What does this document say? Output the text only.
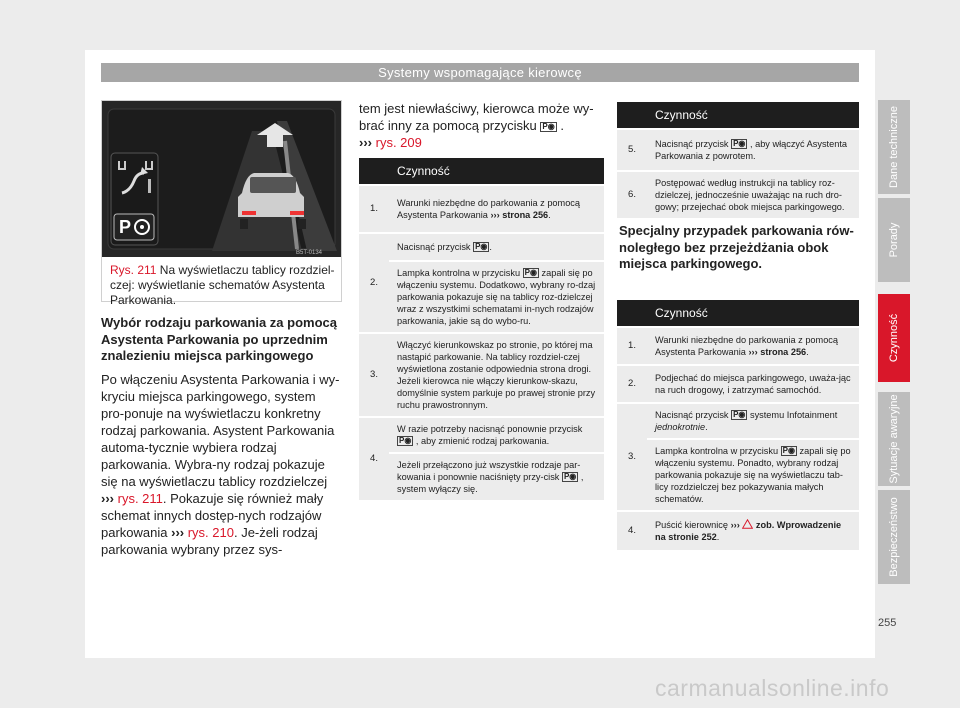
Systemy wspomagające kierowcę
P
B5T-0134
Rys. 211 Na wyświetlaczu tablicy rozdziel-czej: wyświetlanie schematów Asystenta Parkowania.
Wybór rodzaju parkowania za pomocą Asystenta Parkowania po uprzednim znalezieniu miejsca parkingowego

Po włączeniu Asystenta Parkowania i wy-kryciu miejsca parkingowego, system pro-ponuje na wyświetlaczu konkretny rodzaj parkowania. Asystent Parkowania automa-tycznie wybiera rodzaj parkowania. Wybra-ny rodzaj pokazuje się na wyświetlaczu tablicy rozdzielczej ››› rys. 211. Pokazuje się również mały schemat innych dostęp-nych rodzajów parkowania ››› rys. 210. Je-żeli rodzaj parkowania wybrany przez sys-

tem jest niewłaściwy, kierowca może wy-brać inny za pomocą przycisku P◉ .
››› rys. 209
	Czynność
1.	Warunki niezbędne do parkowania z pomocą Asystenta Parkowania ››› strona 256.
2.	Nacisnąć przycisk P◉ .
Lampka kontrolna w przycisku P◉ zapali się po włączeniu systemu. Dodatkowo, wybrany ro-dzaj parkowania pokazuje się na tablicy roz-dzielczej wraz z wszystkimi schematami in-nych rodzajów parkowania, jakie są do wybo-ru.

3.	Włączyć kierunkowskaz po stronie, po której ma nastąpić parkowanie. Na tablicy rozdziel-czej wyświetlona zostanie odpowiednia strona drogi. Jeżeli kierowca nie włączy kierunkow-skazu, domyślnie system parkuje po prawej stronie przy ruchu prawostronnym.
4.	W razie potrzeby nacisnąć ponownie przycisk P◉ , aby zmienić rodzaj parkowania.
Jeżeli przełączono już wszystkie rodzaje par-kowania i ponownie naciśnięty przy-cisk P◉ , system wyłączy się.
	Czynność
5.	Nacisnąć przycisk P◉ , aby włączyć Asystenta Parkowania z powrotem.
6.	Postępować według instrukcji na tablicy roz-dzielczej, jednocześnie uważając na ruch dro-gowy; przejechać obok miejsca parkingowego.
Specjalny przypadek parkowania rów-noległego bez przejeżdżania obok miejsca parkingowego.
	Czynność
1.	Warunki niezbędne do parkowania z pomocą Asystenta Parkowania ››› strona 256.
2.	Podjechać do miejsca parkingowego, uważa-jąc na ruch drogowy, i zatrzymać samochód.
3.	Nacisnąć przycisk P◉ systemu Infotainment
jednokrotnie.
Lampka kontrolna w przycisku P◉ zapali się po włączeniu systemu. Ponadto, wybrany rodzaj parkowania pokazuje się na wyświetlaczu tab-licy rozdzielczej bez pokazywania małych schematów.

4.	Puścić kierownicę ›››  zob. Wprowadzenie na stronie 252.
Dane techniczne
Porady
Czynność
Sytuacje awaryjne
Bezpieczeństwo
255
carmanualsonline.info
